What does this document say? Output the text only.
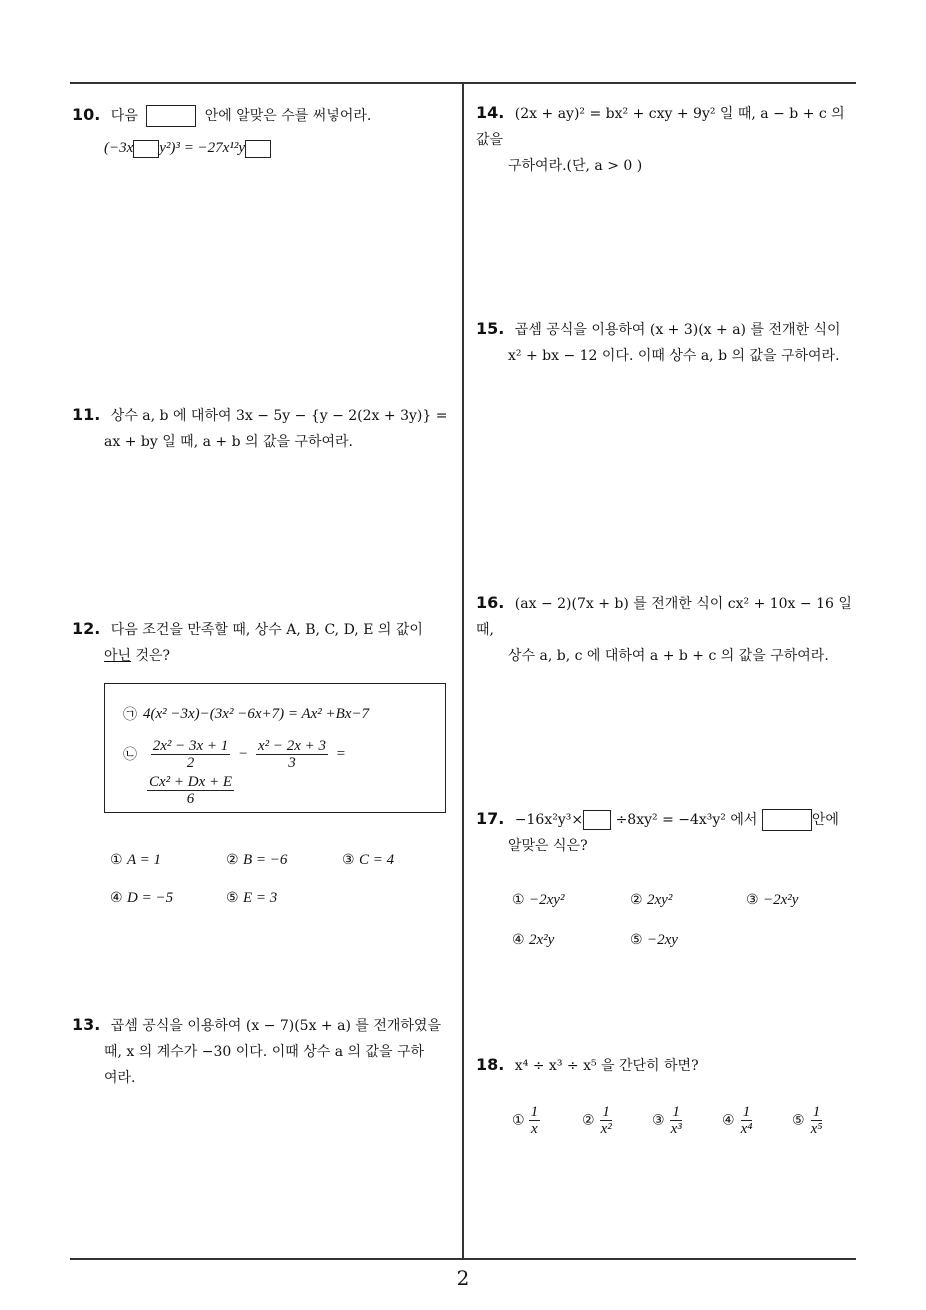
10. 다음	안에 알맞은 수를 써넣어라.
(−3x y²)³ = −27x¹²y
11. 상수 a, b 에 대하여 3x − 5y − {y − 2(2x + 3y)} =
ax + by 일 때, a + b 의 값을 구하여라.
12. 다음 조건을 만족할 때, 상수 A, B, C, D, E 의 값이
아닌 것은?
㉠ 4(x² −3x)−(3x² −6x+7) = Ax² +Bx−7
㉡ $\frac{\text{2x² − 3x + 1}}{2} - \frac{\text{x² − 2x + 3}}{3}$ =
$\frac{\text{Cx² + Dx + E}}{6}$
① A = 1	② B = −6	③ C = 4
④ D = −5	⑤ E = 3
13. 곱셈 공식을 이용하여 (x − 7)(5x + a) 를 전개하였을
때, x 의 계수가 −30 이다. 이때 상수 a 의 값을 구하
여라.
14. (2x + ay)² = bx² + cxy + 9y² 일 때, a − b + c 의 값을
구하여라.(단, a > 0 )
15. 곱셈 공식을 이용하여 (x + 3)(x + a) 를 전개한 식이
x² + bx − 12 이다. 이때 상수 a, b 의 값을 구하여라.
16. (ax − 2)(7x + b) 를 전개한 식이 cx² + 10x − 16 일 때,
상수 a, b, c 에 대하여 a + b + c 의 값을 구하여라.
17. −16x²y³× ÷8xy² = −4x³y² 에서	안에
알맞은 식은?
① −2xy²	② 2xy²	③ −2x²y
④ 2x²y	⑤ −2xy
18. x⁴ ÷ x³ ÷ x⁵ 을 간단히 하면?
① $\frac{1}{x}$	② $\frac{1}{\text{x²}}$	③ $\frac{1}{\text{x³}}$	④ $\frac{1}{\text{x⁴}}$	⑤ $\frac{1}{\text{x⁵}}$
2
